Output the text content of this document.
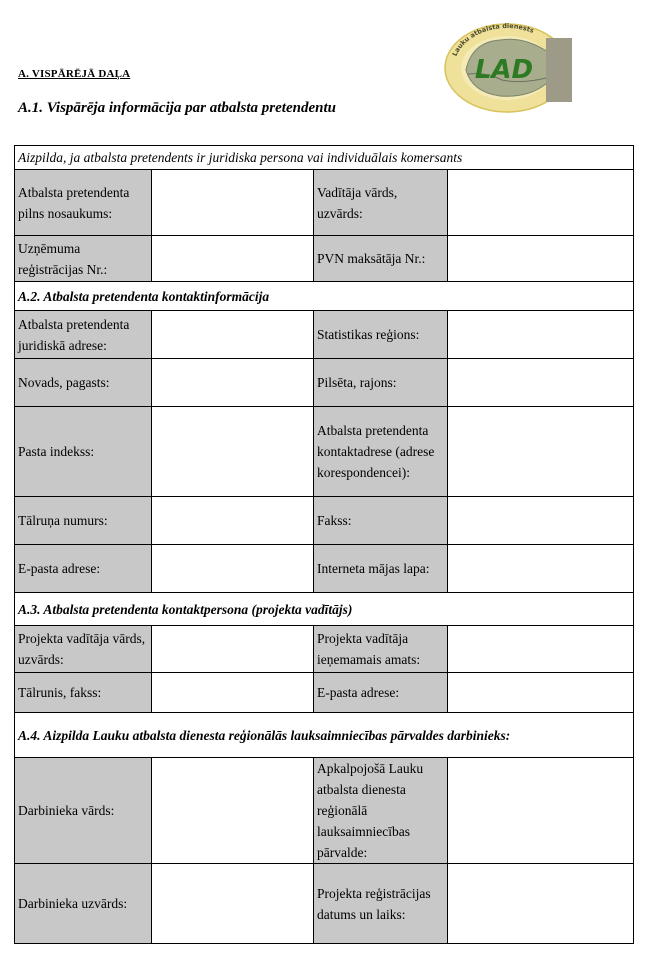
LAD
Lauku atbalsta dienests
A. VISPĀRĒJĀ DAĻA
A.1. Vispārēja informācija par atbalsta pretendentu
Aizpilda, ja atbalsta pretendents ir juridiska persona vai individuālais komersants			
Atbalsta pretendenta pilns nosaukums:		Vadītāja vārds, uzvārds:	
Uzņēmuma reģistrācijas Nr.:		PVN maksātāja Nr.:	
A.2. Atbalsta pretendenta kontaktinformācija			
Atbalsta pretendenta juridiskā adrese:		Statistikas reģions:	
Novads, pagasts:		Pilsēta, rajons:	
Pasta indekss:		Atbalsta pretendenta kontaktadrese (adrese korespondencei):	
Tālruņa numurs:		Fakss:	
E-pasta adrese:		Interneta mājas lapa:	
A.3. Atbalsta pretendenta kontaktpersona (projekta vadītājs)			
Projekta vadītāja vārds, uzvārds:		Projekta vadītāja ieņemamais amats:	
Tālrunis, fakss:		E-pasta adrese:	
A.4. Aizpilda Lauku atbalsta dienesta reģionālās lauksaimniecības pārvaldes darbinieks:			
Darbinieka vārds:		Apkalpojošā Lauku atbalsta dienesta reģionālā lauksaimniecības pārvalde:	
Darbinieka uzvārds:		Projekta reģistrācijas datums un laiks:	
